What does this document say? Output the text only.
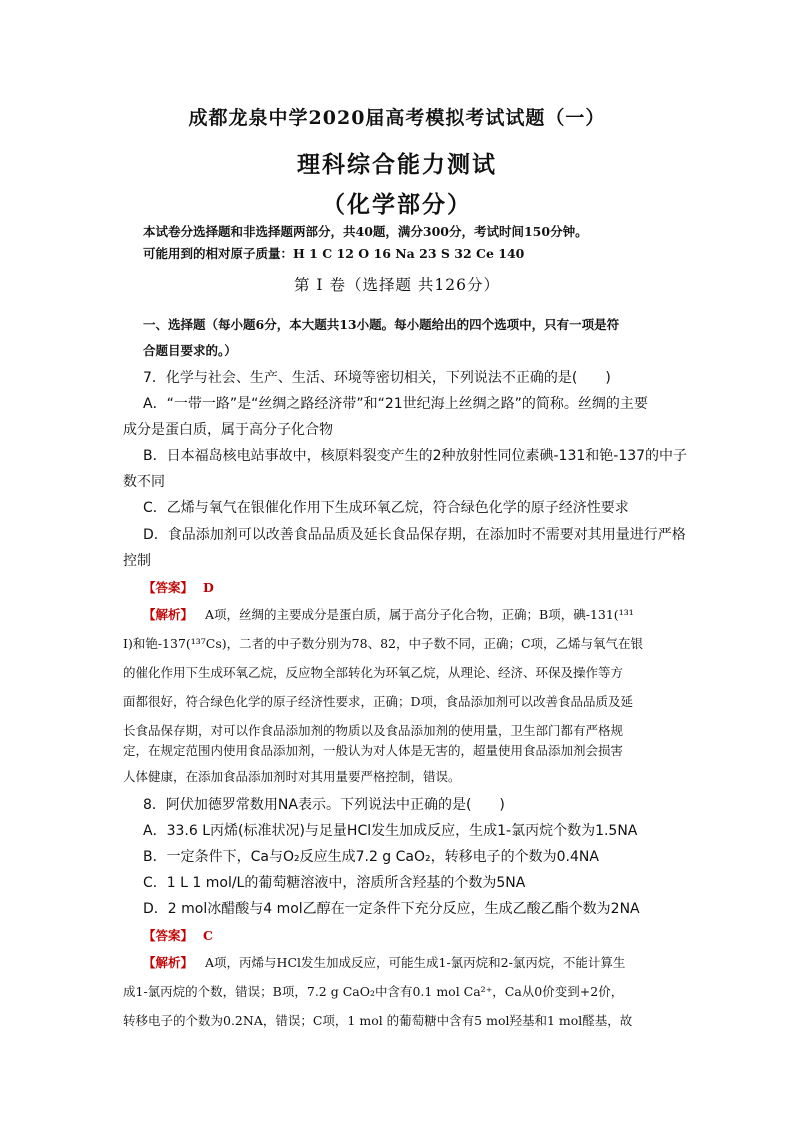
成都龙泉中学2020届高考模拟考试试题（一）
理科综合能力测试
（化学部分）
本试卷分选择题和非选择题两部分，共40题，满分300分，考试时间150分钟。
可能用到的相对原子质量：H 1 C 12 O 16 Na 23 S 32 Ce 140
第 I 卷（选择题 共126分）
一、选择题（每小题6分，本大题共13小题。每小题给出的四个选项中，只有一项是符
合题目要求的。）
7．化学与社会、生产、生活、环境等密切相关，下列说法不正确的是(　　)
A．“一带一路”是“丝绸之路经济带”和“21世纪海上丝绸之路”的简称。丝绸的主要
成分是蛋白质，属于高分子化合物
B．日本福岛核电站事故中，核原料裂变产生的2种放射性同位素碘-131和铯-137的中子
数不同
C．乙烯与氧气在银催化作用下生成环氧乙烷，符合绿色化学的原子经济性要求
D．食品添加剂可以改善食品品质及延长食品保存期，在添加时不需要对其用量进行严格
控制
【答案】 D
【解析】 A项，丝绸的主要成分是蛋白质，属于高分子化合物，正确；B项，碘-131(¹³¹
I)和铯-137(¹³⁷Cs)，二者的中子数分别为78、82，中子数不同，正确；C项，乙烯与氧气在银
的催化作用下生成环氧乙烷，反应物全部转化为环氧乙烷，从理论、经济、环保及操作等方
面都很好，符合绿色化学的原子经济性要求，正确；D项，食品添加剂可以改善食品品质及延
长食品保存期，对可以作食品添加剂的物质以及食品添加剂的使用量，卫生部门都有严格规
定，在规定范围内使用食品添加剂，一般认为对人体是无害的，超量使用食品添加剂会损害
人体健康，在添加食品添加剂时对其用量要严格控制，错误。
8．阿伏加德罗常数用NA表示。下列说法中正确的是(　　)
A．33.6 L丙烯(标准状况)与足量HCl发生加成反应，生成1-氯丙烷个数为1.5NA
B．一定条件下，Ca与O₂反应生成7.2 g CaO₂，转移电子的个数为0.4NA
C．1 L 1 mol/L的葡萄糖溶液中，溶质所含羟基的个数为5NA
D．2 mol冰醋酸与4 mol乙醇在一定条件下充分反应，生成乙酸乙酯个数为2NA
【答案】 C
【解析】 A项，丙烯与HCl发生加成反应，可能生成1-氯丙烷和2-氯丙烷，不能计算生
成1-氯丙烷的个数，错误；B项，7.2 g CaO₂中含有0.1 mol Ca²⁺，Ca从0价变到+2价，
转移电子的个数为0.2NA，错误；C项，1 mol 的葡萄糖中含有5 mol羟基和1 mol醛基，故
